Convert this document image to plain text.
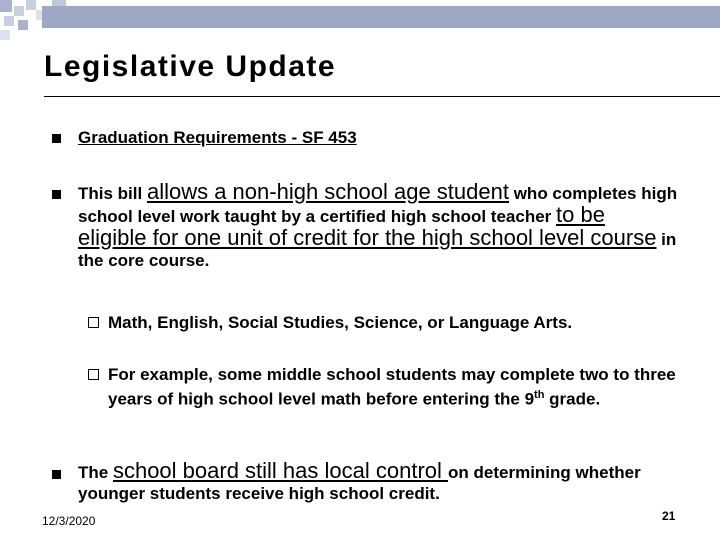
Legislative Update
Graduation Requirements - SF 453
This bill allows a non-high school age student who completes high school level work taught by a certified high school teacher to be eligible for one unit of credit for the high school level course in the core course.
Math, English, Social Studies, Science, or Language Arts.
For example, some middle school students may complete two to three years of high school level math before entering the 9th grade.
The school board still has local control on determining whether younger students receive high school credit.
12/3/2020	21
